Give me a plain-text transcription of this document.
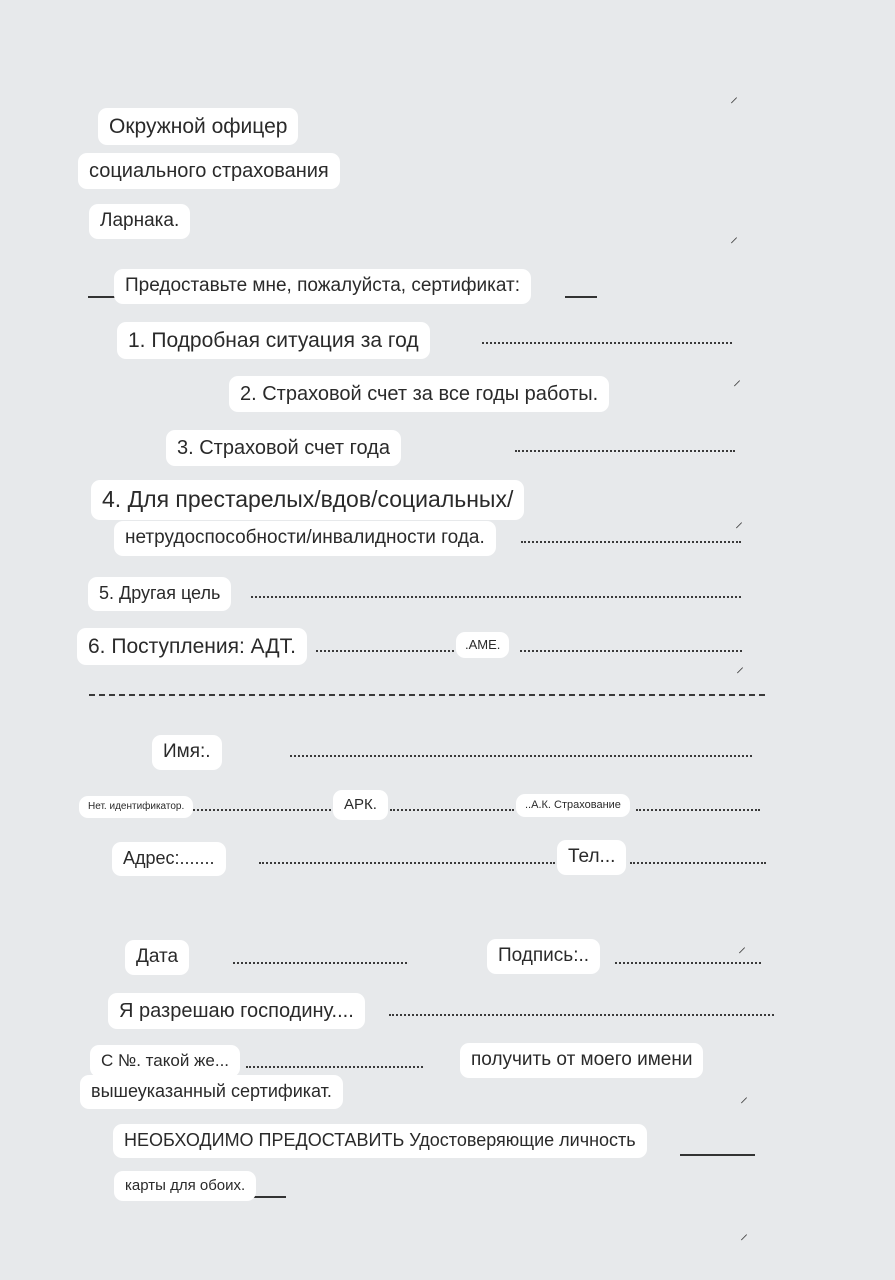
⸝
⸝
⸝
⸝
⸝
⸝
⸝
⸝
Окружной офицер
социального страхования
Ларнака.
Предоставьте мне, пожалуйста, сертификат:
1. Подробная ситуация за год
2. Страховой счет за все годы работы.
3. Страховой счет года
4. Для престарелых/вдов/социальных/
нетрудоспособности/инвалидности года.
5. Другая цель
6. Поступления: АДТ.	.AME.
Имя:.
Нет. идентификатор.	АРК.	..А.К. Страхование
Адрес:.......	Тел...
Дата	Подпись:..
Я разрешаю господину....
С №. такой же...	получить от моего имени
вышеуказанный сертификат.
НЕОБХОДИМО ПРЕДОСТАВИТЬ Удостоверяющие личность
карты для обоих.
